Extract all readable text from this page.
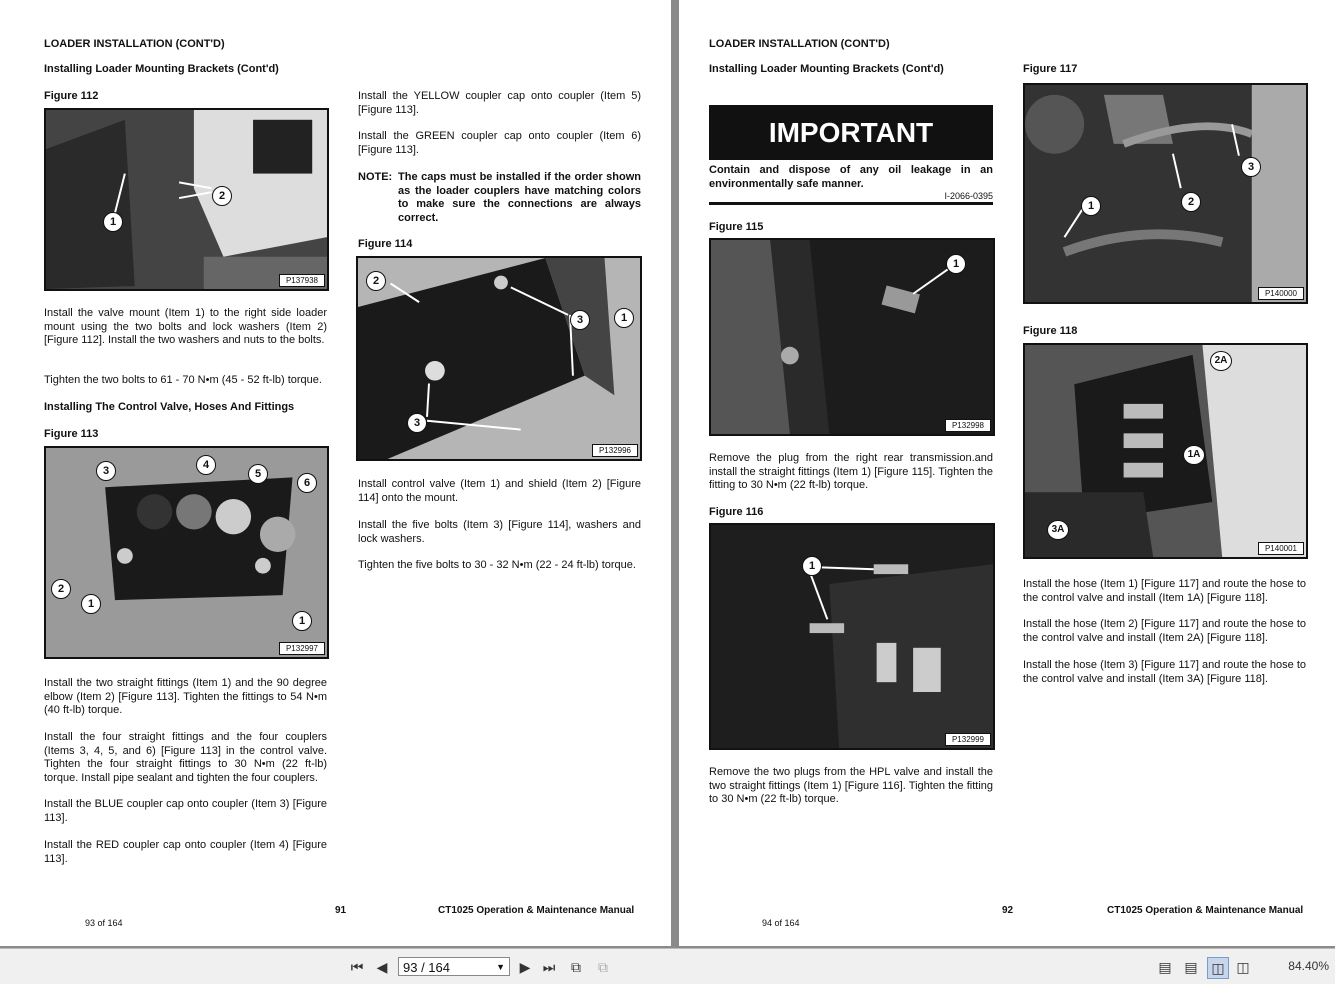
LOADER INSTALLATION (CONT'D)
Installing Loader Mounting Brackets (Cont'd)
Figure 112
1
2
P137938
Install the valve mount (Item 1) to the right side loader mount using the two bolts and lock washers (Item 2) [Figure 112]. Install the two washers and nuts to the bolts.
Tighten the two bolts to 61 - 70 N•m (45 - 52 ft-lb) torque.
Installing The Control Valve, Hoses And Fittings
Figure 113
3	4
5
6
2
1
1
P132997
Install the two straight fittings (Item 1) and the 90 degree elbow (Item 2) [Figure 113]. Tighten the fittings to 54 N•m (40 ft-lb) torque.
Install the four straight fittings and the four couplers (Items 3, 4, 5, and 6) [Figure 113] in the control valve. Tighten the four straight fittings to 30 N•m (22 ft-lb) torque. Install pipe sealant and tighten the four couplers.
Install the BLUE coupler cap onto coupler (Item 3) [Figure 113].
Install the RED coupler cap onto coupler (Item 4) [Figure 113].
Install the YELLOW coupler cap onto coupler (Item 5) [Figure 113].
Install the GREEN coupler cap onto coupler (Item 6) [Figure 113].
NOTE: The caps must be installed if the order shown as the loader couplers have matching colors to make sure the connections are always correct.
Figure 114
2
1
3
3
P132996
Install control valve (Item 1) and shield (Item 2) [Figure 114] onto the mount.
Install the five bolts (Item 3) [Figure 114], washers and lock washers.
Tighten the five bolts to 30 - 32 N•m (22 - 24 ft-lb) torque.
91	CT1025 Operation & Maintenance Manual
93 of 164
LOADER INSTALLATION (CONT'D)
Installing Loader Mounting Brackets (Cont'd)
IMPORTANT
Contain and dispose of any oil leakage in an environmentally safe manner.
I-2066-0395
Figure 115
1
P132998
Remove the plug from the right rear transmission.and install the straight fittings (Item 1) [Figure 115]. Tighten the fitting to 30 N•m (22 ft-lb) torque.
Figure 116
1
P132999
Remove the two plugs from the HPL valve and install the two straight fittings (Item 1) [Figure 116]. Tighten the fitting to 30 N•m (22 ft-lb) torque.
Figure 117
3
2
1
P140000
Figure 118
2A
1A
3A
P140001
Install the hose (Item 1) [Figure 117] and route the hose to the control valve and install (Item 1A) [Figure 118].
Install the hose (Item 2) [Figure 117] and route the hose to the control valve and install (Item 2A) [Figure 118].
Install the hose (Item 3) [Figure 117] and route the hose to the control valve and install (Item 3A) [Figure 118].
92	CT1025 Operation & Maintenance Manual
94 of 164
⏮ ◀	93 / 164	▼	▶ ⏭	⧉	⧉	▤ ▤ ◫ ◫	84.40%
